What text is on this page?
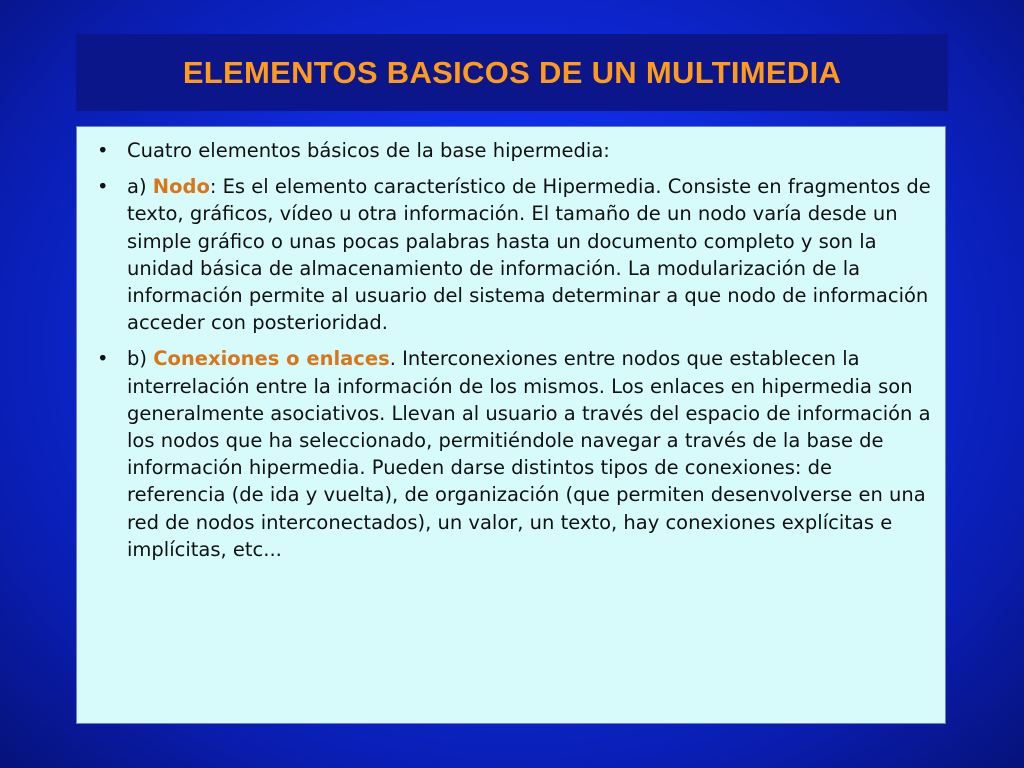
ELEMENTOS BASICOS DE UN MULTIMEDIA
• Cuatro elementos básicos de la base hipermedia:
• a) Nodo: Es el elemento característico de Hipermedia. Consiste en fragmentos de texto, gráficos, vídeo u otra información. El tamaño de un nodo varía desde un simple gráfico o unas pocas palabras hasta un documento completo y son la unidad básica de almacenamiento de información. La modularización de la información permite al usuario del sistema determinar a que nodo de información acceder con posterioridad.
• b) Conexiones o enlaces. Interconexiones entre nodos que establecen la interrelación entre la información de los mismos. Los enlaces en hipermedia son generalmente asociativos. Llevan al usuario a través del espacio de información a los nodos que ha seleccionado, permitiéndole navegar a través de la base de información hipermedia. Pueden darse distintos tipos de conexiones: de referencia (de ida y vuelta), de organización (que permiten desenvolverse en una red de nodos interconectados), un valor, un texto, hay conexiones explícitas e implícitas, etc...
